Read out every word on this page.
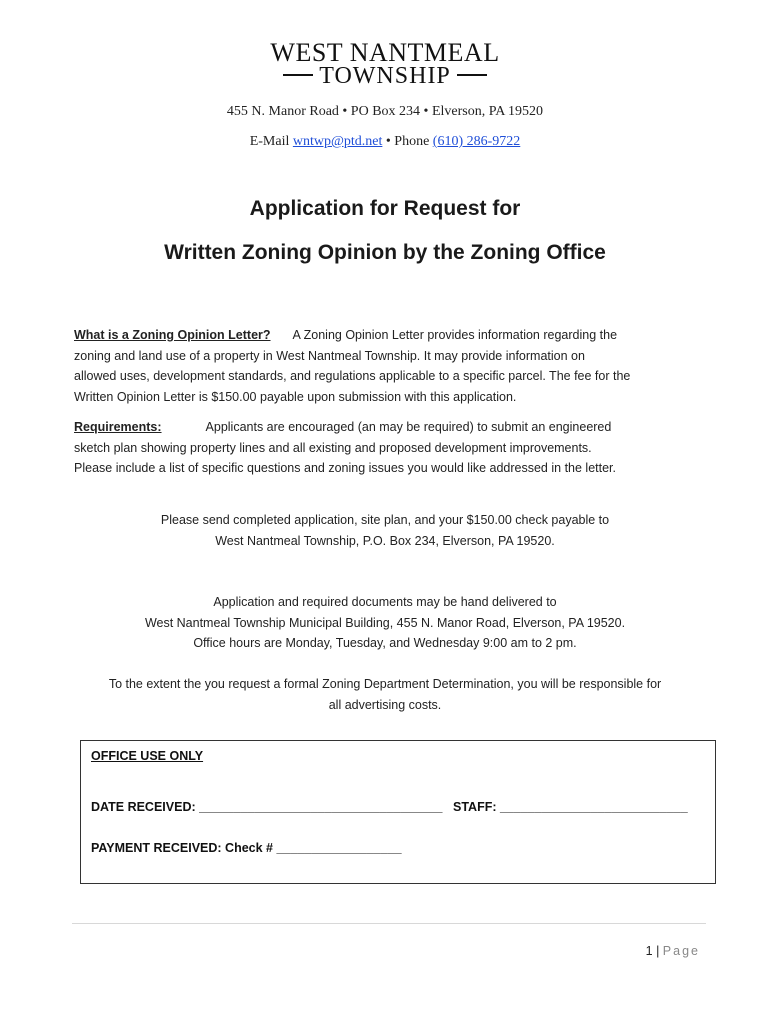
WEST NANTMEAL
TOWNSHIP
455 N. Manor Road • PO Box 234 • Elverson, PA 19520
E-Mail wntwp@ptd.net • Phone (610) 286-9722
Application for Request for
Written Zoning Opinion by the Zoning Office
What is a Zoning Opinion Letter? A Zoning Opinion Letter provides information regarding the
zoning and land use of a property in West Nantmeal Township. It may provide information on
allowed uses, development standards, and regulations applicable to a specific parcel. The fee for the
Written Opinion Letter is $150.00 payable upon submission with this application.
Requirements:	Applicants are encouraged (an may be required) to submit an engineered
sketch plan showing property lines and all existing and proposed development improvements.
Please include a list of specific questions and zoning issues you would like addressed in the letter.
Please send completed application, site plan, and your $150.00 check payable to
West Nantmeal Township, P.O. Box 234, Elverson, PA 19520.
Application and required documents may be hand delivered to
West Nantmeal Township Municipal Building, 455 N. Manor Road, Elverson, PA 19520.
Office hours are Monday, Tuesday, and Wednesday 9:00 am to 2 pm.
To the extent the you request a formal Zoning Department Determination, you will be responsible for
all advertising costs.
OFFICE USE ONLY
DATE RECEIVED: ___________________________________ STAFF: ___________________________
PAYMENT RECEIVED: Check # __________________
1 | Page
